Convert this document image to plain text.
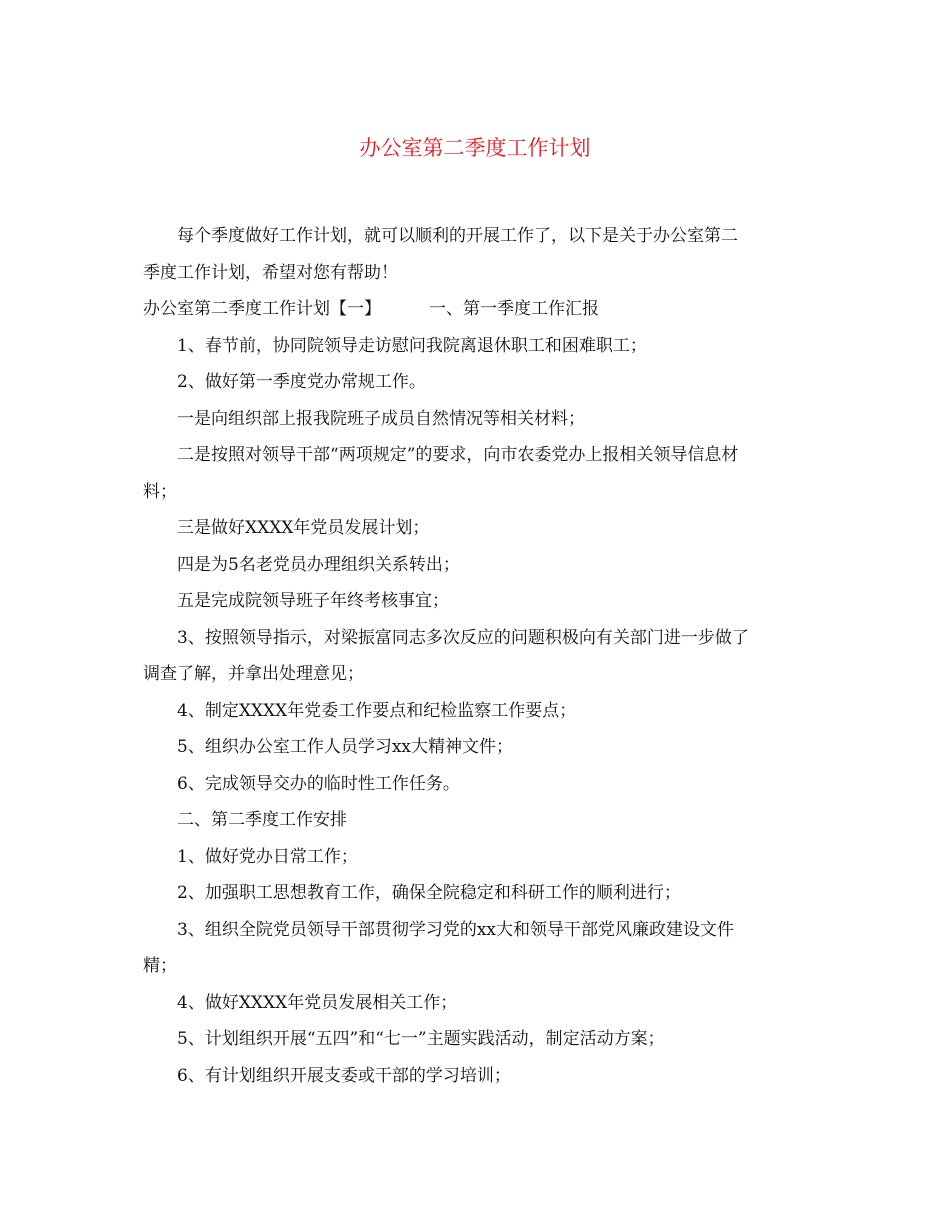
办公室第二季度工作计划
每个季度做好工作计划，就可以顺利的开展工作了，以下是关于办公室第二
季度工作计划，希望对您有帮助！
办公室第二季度工作计划【一】	一、第一季度工作汇报
1、春节前，协同院领导走访慰问我院离退休职工和困难职工；
2、做好第一季度党办常规工作。
一是向组织部上报我院班子成员自然情况等相关材料；
二是按照对领导干部“两项规定”的要求，向市农委党办上报相关领导信息材
料；
三是做好XXXX年党员发展计划；
四是为5名老党员办理组织关系转出；
五是完成院领导班子年终考核事宜；
3、按照领导指示，对梁振富同志多次反应的问题积极向有关部门进一步做了
调查了解，并拿出处理意见；
4、制定XXXX年党委工作要点和纪检监察工作要点；
5、组织办公室工作人员学习xx大精神文件；
6、完成领导交办的临时性工作任务。
二、第二季度工作安排
1、做好党办日常工作；
2、加强职工思想教育工作，确保全院稳定和科研工作的顺利进行；
3、组织全院党员领导干部贯彻学习党的xx大和领导干部党风廉政建设文件
精；
4、做好XXXX年党员发展相关工作；
5、计划组织开展“五四”和“七一”主题实践活动，制定活动方案；
6、有计划组织开展支委或干部的学习培训；
